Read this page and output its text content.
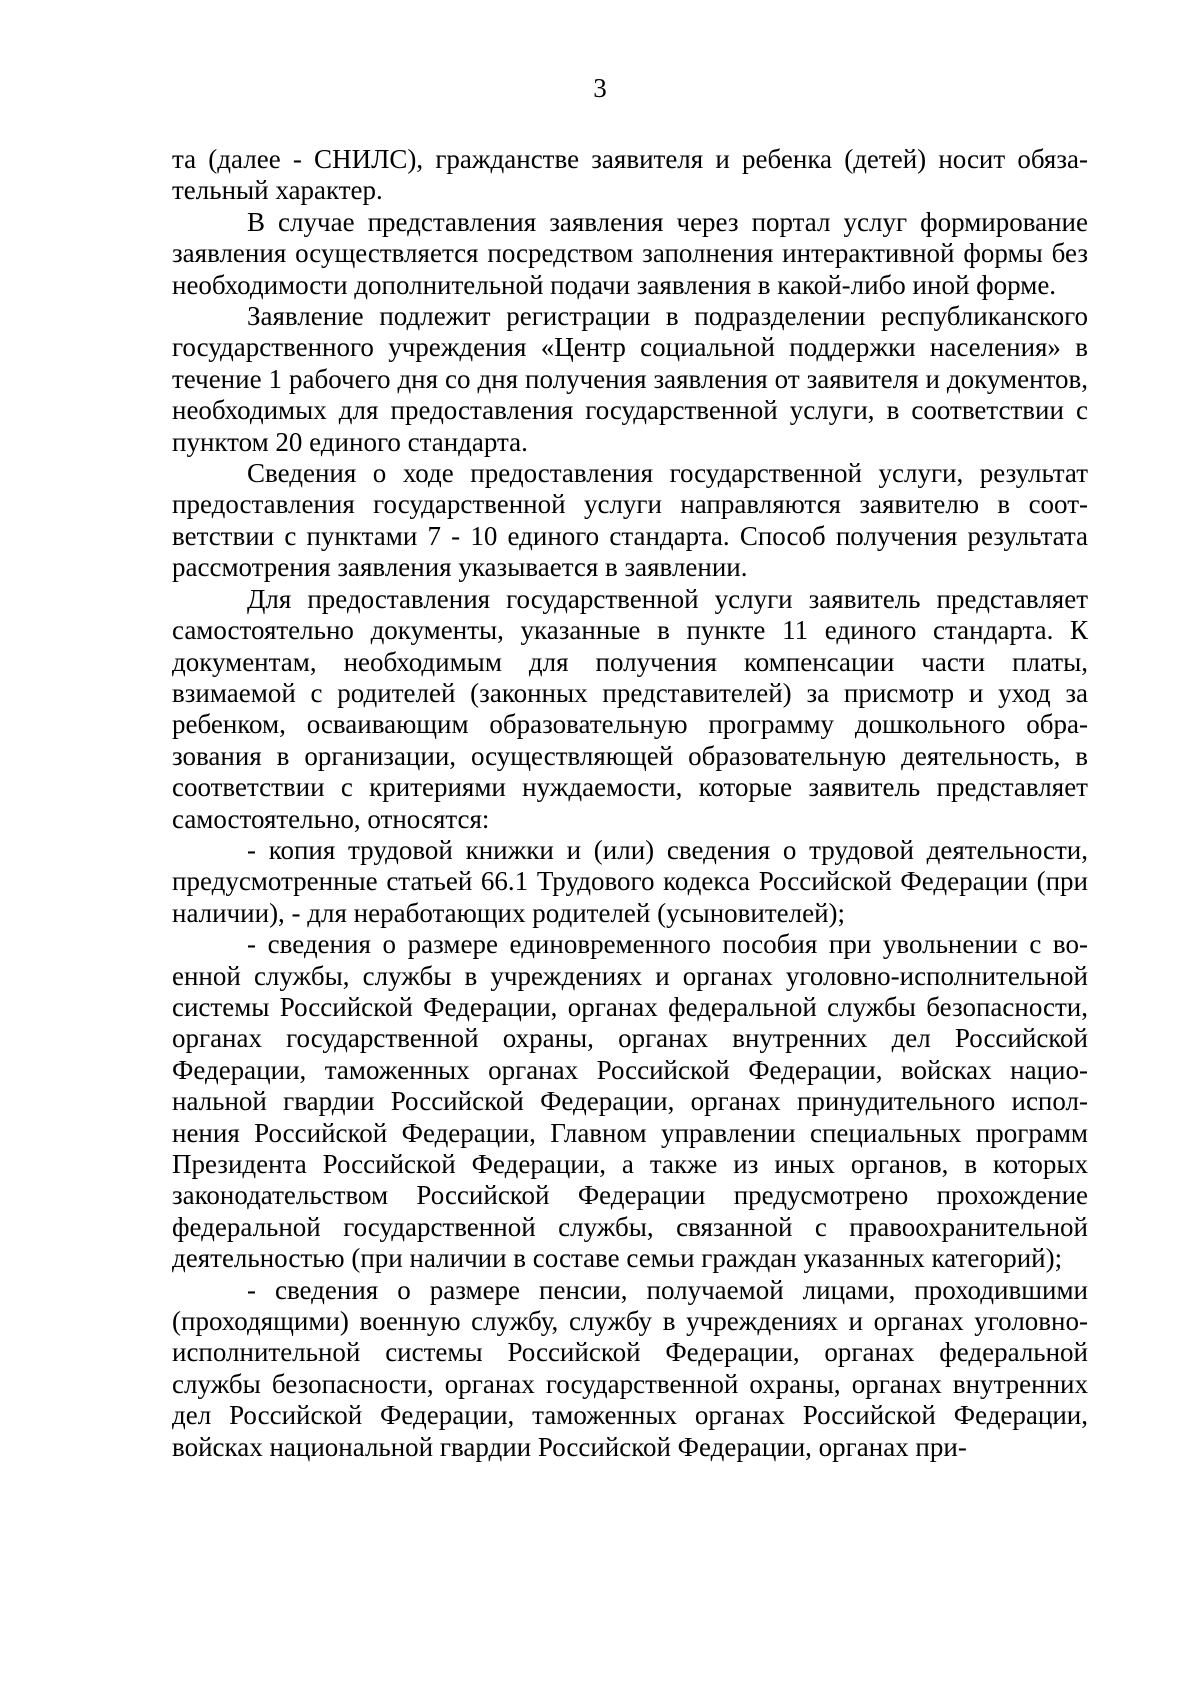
3

та (далее - СНИЛС), гражданстве заявителя и ребенка (детей) носит обязательный характер.

В случае представления заявления через портал услуг формирование заявления осуществляется посредством заполнения интерактивной формы без необходимости дополнительной подачи заявления в какой-либо иной форме.

Заявление подлежит регистрации в подразделении республиканского государственного учреждения «Центр социальной поддержки населения» в течение 1 рабочего дня со дня получения заявления от заявителя и документов, необходимых для предоставления государственной услуги, в соответствии с пунктом 20 единого стандарта.

Сведения о ходе предоставления государственной услуги, результат предоставления государственной услуги направляются заявителю в соответствии с пунктами 7 - 10 единого стандарта. Способ получения результата рассмотрения заявления указывается в заявлении.

Для предоставления государственной услуги заявитель представляет самостоятельно документы, указанные в пункте 11 единого стандарта. К документам, необходимым для получения компенсации части платы, взимаемой с родителей (законных представителей) за присмотр и уход за ребенком, осваивающим образовательную программу дошкольного образования в организации, осуществляющей образовательную деятельность, в соответствии с критериями нуждаемости, которые заявитель представляет самостоятельно, относятся:

- копия трудовой книжки и (или) сведения о трудовой деятельности, предусмотренные статьей 66.1 Трудового кодекса Российской Федерации (при наличии), - для неработающих родителей (усыновителей);

- сведения о размере единовременного пособия при увольнении с военной службы, службы в учреждениях и органах уголовно-исполнительной системы Российской Федерации, органах федеральной службы безопасности, органах государственной охраны, органах внутренних дел Российской Федерации, таможенных органах Российской Федерации, войсках национальной гвардии Российской Федерации, органах принудительного исполнения Российской Федерации, Главном управлении специальных программ Президента Российской Федерации, а также из иных органов, в которых законодательством Российской Федерации предусмотрено прохождение федеральной государственной службы, связанной с правоохранительной деятельностью (при наличии в составе семьи граждан указанных категорий);

- сведения о размере пенсии, получаемой лицами, проходившими (проходящими) военную службу, службу в учреждениях и органах уголовно-исполнительной системы Российской Федерации, органах федеральной службы безопасности, органах государственной охраны, органах внутренних дел Российской Федерации, таможенных органах Российской Федерации, войсках национальной гвардии Российской Федерации, органах при-
